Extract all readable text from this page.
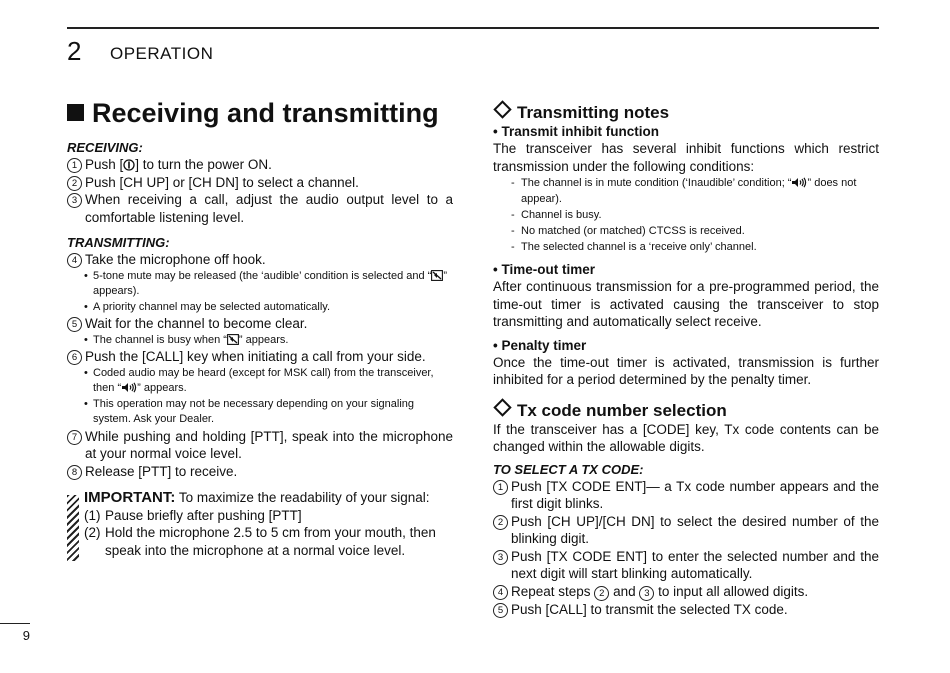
2 OPERATION
Receiving and transmitting

RECEIVING:

1 Push [ ] to turn the power ON.

2 Push [CH UP] or [CH DN] to select a channel.

3 When receiving a call, adjust the audio output level to a comfortable listening level.

TRANSMITTING:

4 Take the microphone off hook.

• 5-tone mute may be released (the ‘audible’ condition is selected and “ ” appears).

• A priority channel may be selected automatically.

5 Wait for the channel to become clear.

• The channel is busy when “ ” appears.

6 Push the [CALL] key when initiating a call from your side.

• Coded audio may be heard (except for MSK call) from the transceiver, then “ ” appears.

• This operation may not be necessary depending on your signaling system. Ask your Dealer.

7 While pushing and holding [PTT], speak into the microphone at your normal voice level.

8 Release [PTT] to receive.

IMPORTANT: To maximize the readability of your signal:

(1) Pause briefly after pushing [PTT]

(2) Hold the microphone 2.5 to 5 cm from your mouth, then speak into the microphone at a normal voice level.

Transmitting notes

• Transmit inhibit function

The transceiver has several inhibit functions which restrict transmission under the following conditions:

- The channel is in mute condition (‘Inaudible’ condition; “ ” does not appear).

- Channel is busy.

- No matched (or matched) CTCSS is received.

- The selected channel is a ‘receive only’ channel.

• Time-out timer

After continuous transmission for a pre-programmed period, the time-out timer is activated causing the transceiver to stop transmitting and automatically select receive.

• Penalty timer

Once the time-out timer is activated, transmission is further inhibited for a period determined by the penalty timer.

Tx code number selection

If the transceiver has a [CODE] key, Tx code contents can be changed within the allowable digits.

TO SELECT A TX CODE:

1 Push [TX CODE ENT]— a Tx code number appears and the first digit blinks.

2 Push [CH UP]/[CH DN] to select the desired number of the blinking digit.

3 Push [TX CODE ENT] to enter the selected number and the next digit will start blinking automatically.

4 Repeat steps 2 and 3 to input all allowed digits.

5 Push [CALL] to transmit the selected TX code.

9
